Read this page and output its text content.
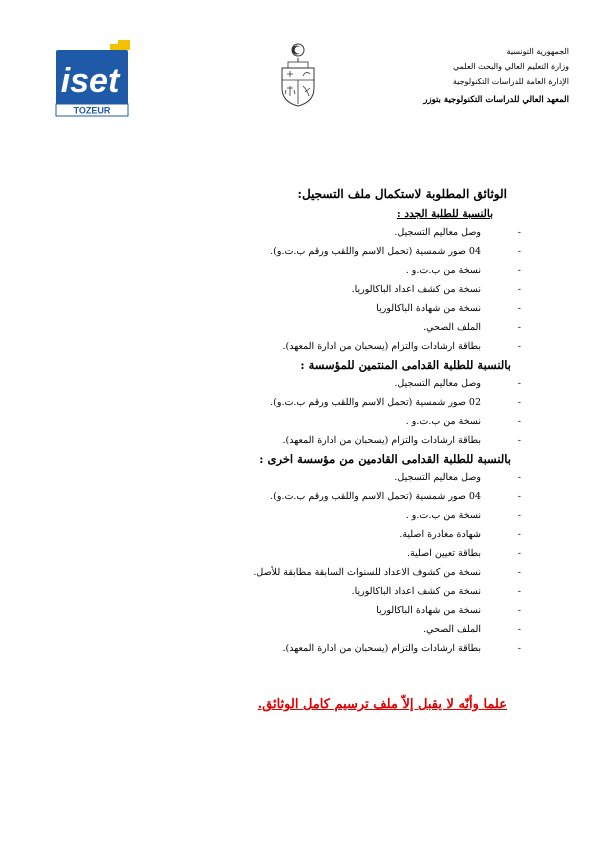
iset
TOZEUR
الجمهورية التونسية
وزارة التعليم العالي والبحث العلمي
الإدارة العامة للدراسات التكنولوجية
المعهد العالي للدراسات التكنولوجية بتوزر
الوثائق المطلوبة لاستكمال ملف التسجيل:
بالنسبة للطلبة الجدد :
-
وصل معاليم التسجيل.
-
04 صور شمسية (تحمل الاسم واللقب ورقم ب.ت.و).
-
نسخة من ب.ت.و .
-
نسخة من كشف اعداد الباكالوريا.
-
نسخة من شهادة الباكالوريا
-
الملف الصحي.
-
بطاقة ارشادات والتزام (يسحبان من ادارة المعهد).
بالنسبة للطلبة القدامى المنتمين للمؤسسة :
-
وصل معاليم التسجيل.
-
02 صور شمسية (تحمل الاسم واللقب ورقم ب.ت.و).
-
نسخة من ب.ت.و .
-
بطاقة ارشادات والتزام (يسحبان من ادارة المعهد).
بالنسبة للطلبة القدامى القادمين من مؤسسة اخرى :
-
وصل معاليم التسجيل.
-
04 صور شمسية (تحمل الاسم واللقب ورقم ب.ت.و).
-
نسخة من ب.ت.و .
-
شهادة مغادرة اصلية.
-
بطاقة تعيين اصلية.
-
نسخة من كشوف الاعداد للسنوات السابقة مطابقة للأصل.
-
نسخة من كشف اعداد الباكالوريا.
-
نسخة من شهادة الباكالوريا
-
الملف الصحي.
-
بطاقة ارشادات والتزام (يسحبان من ادارة المعهد).
علما وأنّه لا يقبل إلاّ ملف ترسيم كامل الوثائق.
